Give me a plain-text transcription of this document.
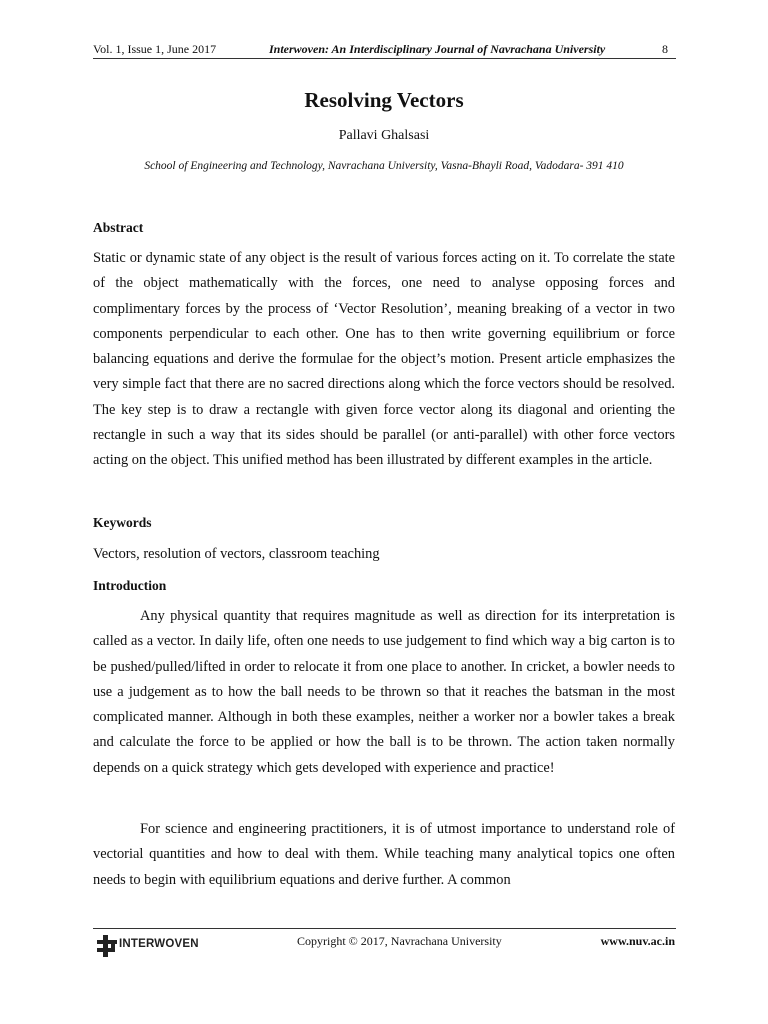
Vol. 1, Issue 1, June 2017	Interwoven: An Interdisciplinary Journal of Navrachana University	8
Resolving Vectors
Pallavi Ghalsasi
School of Engineering and Technology, Navrachana University, Vasna-Bhayli Road, Vadodara- 391 410
Abstract
Static or dynamic state of any object is the result of various forces acting on it. To correlate the state of the object mathematically with the forces, one need to analyse opposing forces and complimentary forces by the process of ‘Vector Resolution’, meaning breaking of a vector in two components perpendicular to each other. One has to then write governing equilibrium or force balancing equations and derive the formulae for the object’s motion. Present article emphasizes the very simple fact that there are no sacred directions along which the force vectors should be resolved. The key step is to draw a rectangle with given force vector along its diagonal and orienting the rectangle in such a way that its sides should be parallel (or anti-parallel) with other force vectors acting on the object. This unified method has been illustrated by different examples in the article.
Keywords
Vectors, resolution of vectors, classroom teaching
Introduction
Any physical quantity that requires magnitude as well as direction for its interpretation is called as a vector. In daily life, often one needs to use judgement to find which way a big carton is to be pushed/pulled/lifted in order to relocate it from one place to another. In cricket, a bowler needs to use a judgement as to how the ball needs to be thrown so that it reaches the batsman in the most complicated manner. Although in both these examples, neither a worker nor a bowler takes a break and calculate the force to be applied or how the ball is to be thrown. The action taken normally depends on a quick strategy which gets developed with experience and practice!
For science and engineering practitioners, it is of utmost importance to understand role of vectorial quantities and how to deal with them. While teaching many analytical topics one often needs to begin with equilibrium equations and derive further. A common
INTERWOVEN	Copyright © 2017, Navrachana University	www.nuv.ac.in
